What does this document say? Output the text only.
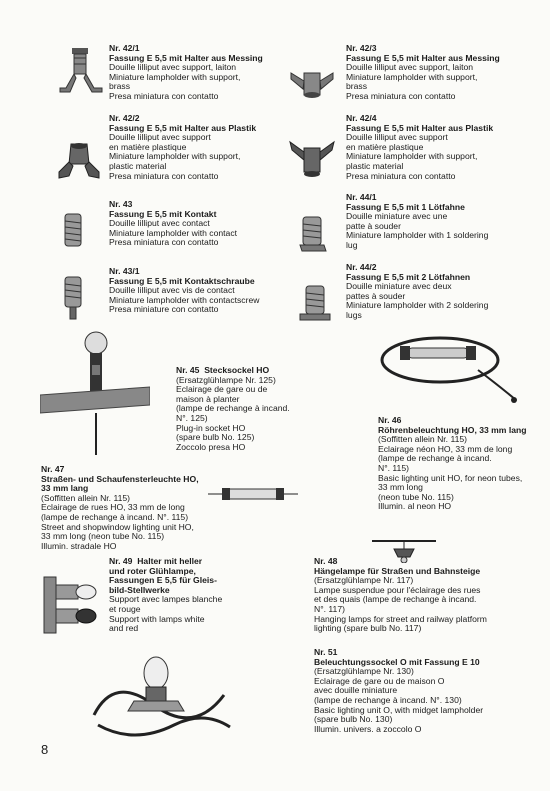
Nr. 42/1

Fassung E 5,5 mit Halter aus Messing

Douille lilliput avec support, laiton

Miniature lampholder with support,

brass

Presa miniatura con contatto

Nr. 42/2

Fassung E 5,5 mit Halter aus Plastik

Douille lilliput avec support

en matière plastique

Miniature lampholder with support,

plastic material

Presa miniatura con contatto

Nr. 43

Fassung E 5,5 mit Kontakt

Douille lilliput avec contact

Miniature lampholder with contact

Presa miniatura con contatto

Nr. 43/1

Fassung E 5,5 mit Kontaktschraube

Douille lilliput avec vis de contact

Miniature lampholder with contactscrew

Presa miniature con contatto

Nr. 42/3

Fassung E 5,5 mit Halter aus Messing

Douille lilliput avec support, laiton

Miniature lampholder with support,

brass

Presa miniatura con contatto

Nr. 42/4

Fassung E 5,5 mit Halter aus Plastik

Douille lilliput avec support

en matière plastique

Miniature lampholder with support,

plastic material

Presa miniatura con contatto

Nr. 44/1

Fassung E 5,5 mit 1 Lötfahne

Douille miniature avec une

patte à souder

Miniature lampholder with 1 soldering

lug

Nr. 44/2

Fassung E 5,5 mit 2 Lötfahnen

Douille miniature avec deux

pattes à souder

Miniature lampholder with 2 soldering

lugs

Nr. 45 Stecksockel HO

(Ersatzglühlampe Nr. 125)

Eclairage de gare ou de

maison à planter

(lampe de rechange à incand.

N°. 125)

Plug-in socket HO

(spare bulb No. 125)

Zoccolo presa HO

Nr. 46

Röhrenbeleuchtung HO, 33 mm lang

(Soffitten allein Nr. 115)

Eclairage néon HO, 33 mm de long

(lampe de rechange à incand.

N°. 115)

Basic lighting unit HO, for neon tubes,

33 mm long

(neon tube No. 115)

Illumin. al neon HO

Nr. 47

Straßen- und Schaufensterleuchte HO,

33 mm lang

(Soffitten allein Nr. 115)

Eclairage de rues HO, 33 mm de long

(lampe de rechange à incand. N°. 115)

Street and shopwindow lighting unit HO,

33 mm long (neon tube No. 115)

Illumin. stradale HO

Nr. 48

Hängelampe für Straßen und Bahnsteige

(Ersatzglühlampe Nr. 117)

Lampe suspendue pour l'éclairage des rues

et des quais (lampe de rechange à incand.

N°. 117)

Hanging lamps for street and railway platform

lighting (spare bulb No. 117)

Nr. 49 Halter mit heller

und roter Glühlampe,

Fassungen E 5,5 für Gleis-

bild-Stellwerke

Support avec lampes blanche

et rouge

Support with lamps white

and red

Nr. 51

Beleuchtungssockel O mit Fassung E 10

(Ersatzglühlampe Nr. 130)

Eclairage de gare ou de maison O

avec douille miniature

(lampe de rechange à incand. N°. 130)

Basic lighting unit O, with midget lampholder

(spare bulb No. 130)

Illumin. univers. a zoccolo O

8
